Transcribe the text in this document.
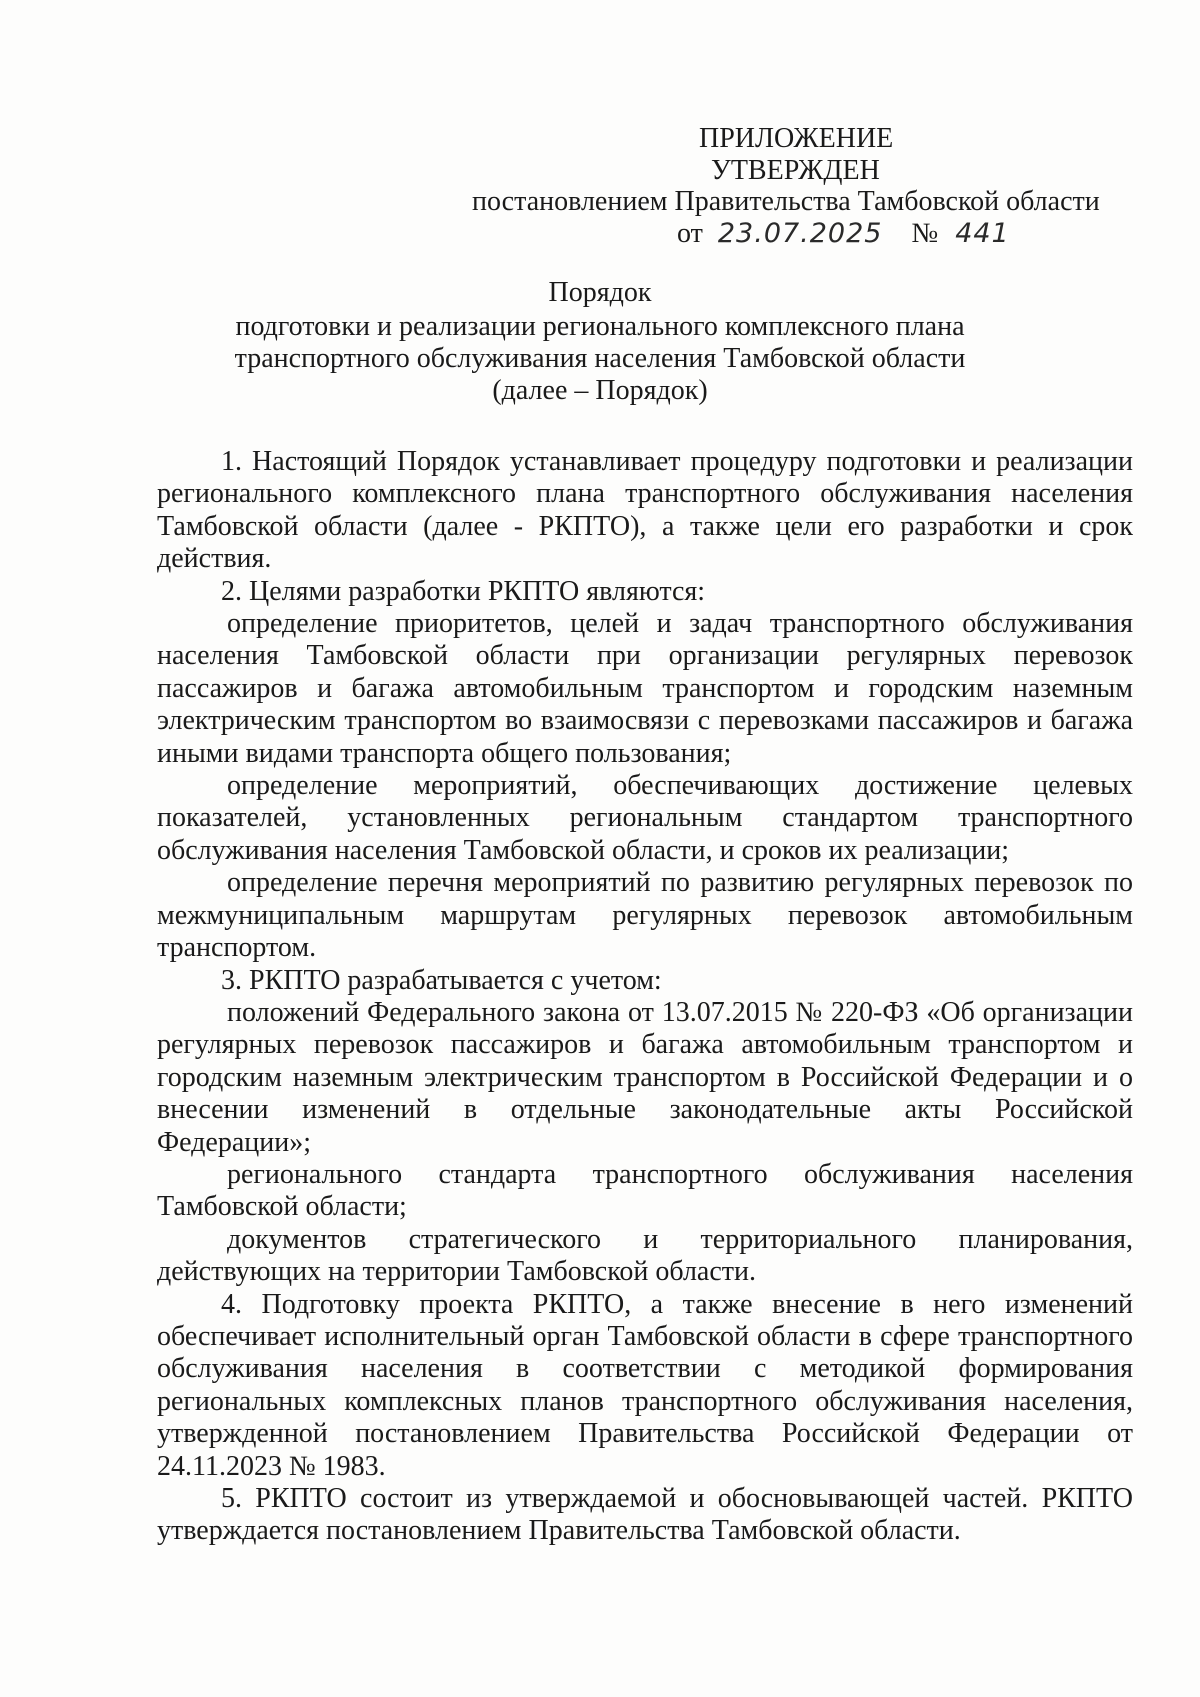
ПРИЛОЖЕНИЕ
УТВЕРЖДЕН
постановлением Правительства Тамбовской области
от 23.07.2025 № 441
Порядок
подготовки и реализации регионального комплексного плана
транспортного обслуживания населения Тамбовской области
(далее – Порядок)

1. Настоящий Порядок устанавливает процедуру подготовки и реализации регионального комплексного плана транспортного обслуживания населения Тамбовской области (далее - РКПТО), а также цели его разработки и срок действия.

2. Целями разработки РКПТО являются:

определение приоритетов, целей и задач транспортного обслуживания населения Тамбовской области при организации регулярных перевозок пассажиров и багажа автомобильным транспортом и городским наземным электрическим транспортом во взаимосвязи с перевозками пассажиров и багажа иными видами транспорта общего пользования;

определение мероприятий, обеспечивающих достижение целевых показателей, установленных региональным стандартом транспортного обслуживания населения Тамбовской области, и сроков их реализации;

определение перечня мероприятий по развитию регулярных перевозок по межмуниципальным маршрутам регулярных перевозок автомобильным транспортом.

3. РКПТО разрабатывается с учетом:

положений Федерального закона от 13.07.2015 № 220-ФЗ «Об организации регулярных перевозок пассажиров и багажа автомобильным транспортом и городским наземным электрическим транспортом в Российской Федерации и о внесении изменений в отдельные законодательные акты Российской Федерации»;

регионального стандарта транспортного обслуживания населения Тамбовской области;

документов стратегического и территориального планирования, действующих на территории Тамбовской области.

4. Подготовку проекта РКПТО, а также внесение в него изменений обеспечивает исполнительный орган Тамбовской области в сфере транспортного обслуживания населения в соответствии с методикой формирования региональных комплексных планов транспортного обслуживания населения, утвержденной постановлением Правительства Российской Федерации от 24.11.2023 № 1983.

5. РКПТО состоит из утверждаемой и обосновывающей частей. РКПТО утверждается постановлением Правительства Тамбовской области.
